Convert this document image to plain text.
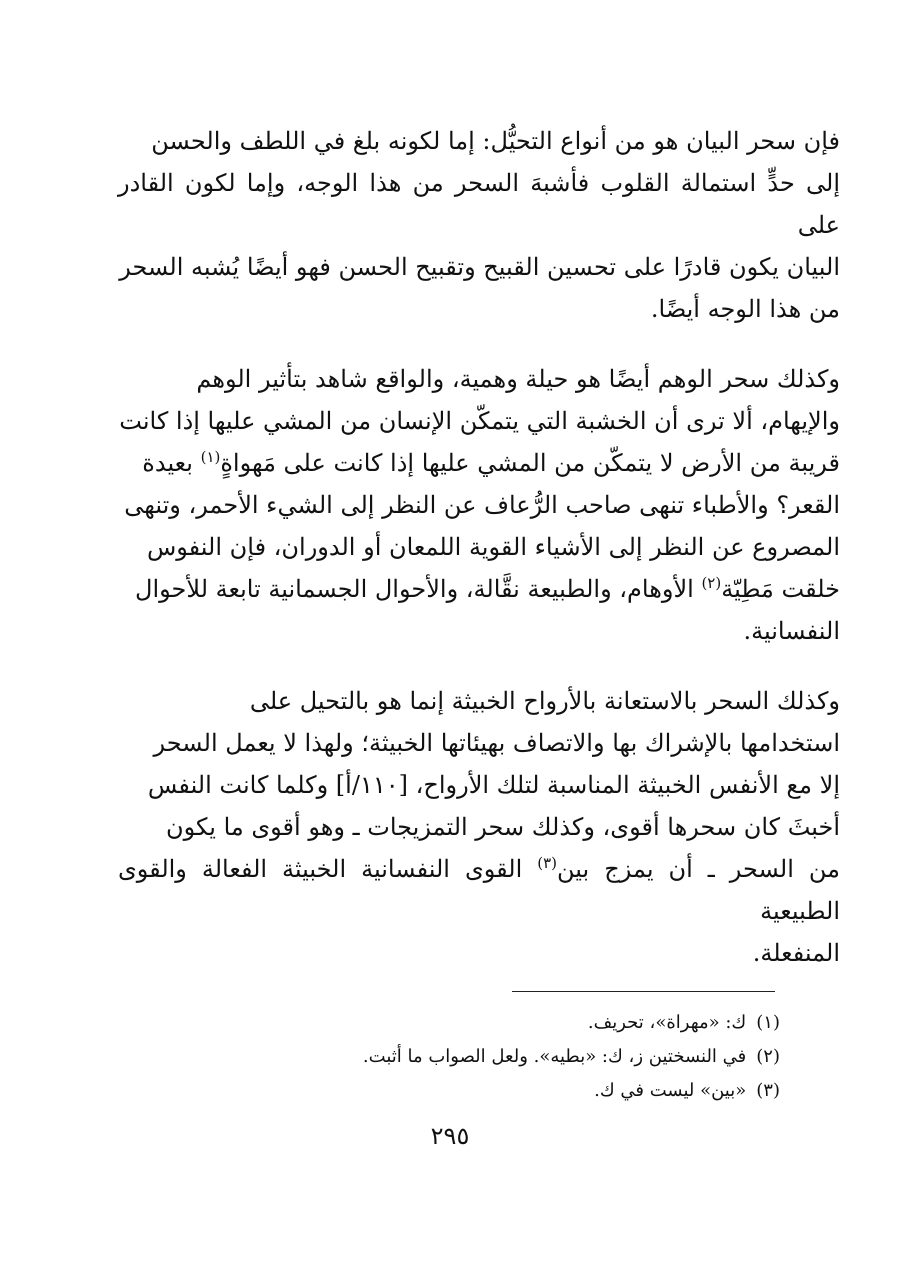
فإن سحر البيان هو من أنواع التحيُّل: إما لكونه بلغ في اللطف والحسن

إلى حدٍّ استمالة القلوب فأشبهَ السحر من هذا الوجه، وإما لكون القادر على

البيان يكون قادرًا على تحسين القبيح وتقبيح الحسن فهو أيضًا يُشبه السحر

من هذا الوجه أيضًا.

وكذلك سحر الوهم أيضًا هو حيلة وهمية، والواقع شاهد بتأثير الوهم

والإيهام، ألا ترى أن الخشبة التي يتمكّن الإنسان من المشي عليها إذا كانت

قريبة من الأرض لا يتمكّن من المشي عليها إذا كانت على مَهواةٍ$^{(١)}$ بعيدة

القعر؟ والأطباء تنهى صاحب الرُّعاف عن النظر إلى الشيء الأحمر، وتنهى

المصروع عن النظر إلى الأشياء القوية اللمعان أو الدوران، فإن النفوس

خلقت مَطِيّة$^{(٢)}$ الأوهام، والطبيعة نقَّالة، والأحوال الجسمانية تابعة للأحوال

النفسانية.

وكذلك السحر بالاستعانة بالأرواح الخبيثة إنما هو بالتحيل على

استخدامها بالإشراك بها والاتصاف بهيئاتها الخبيثة؛ ولهذا لا يعمل السحر

إلا مع الأنفس الخبيثة المناسبة لتلك الأرواح، [١١٠/أ] وكلما كانت النفس

أخبثَ كان سحرها أقوى، وكذلك سحر التمزيجات ـ وهو أقوى ما يكون

من السحر ـ أن يمزج بين$^{(٣)}$ القوى النفسانية الخبيثة الفعالة والقوى الطبيعية

المنفعلة.

(١)ك: «مهراة»، تحريف.
(٢)في النسختين ز، ك: «بطيه». ولعل الصواب ما أثبت.
(٣)«بين» ليست في ك.
٢٩٥
